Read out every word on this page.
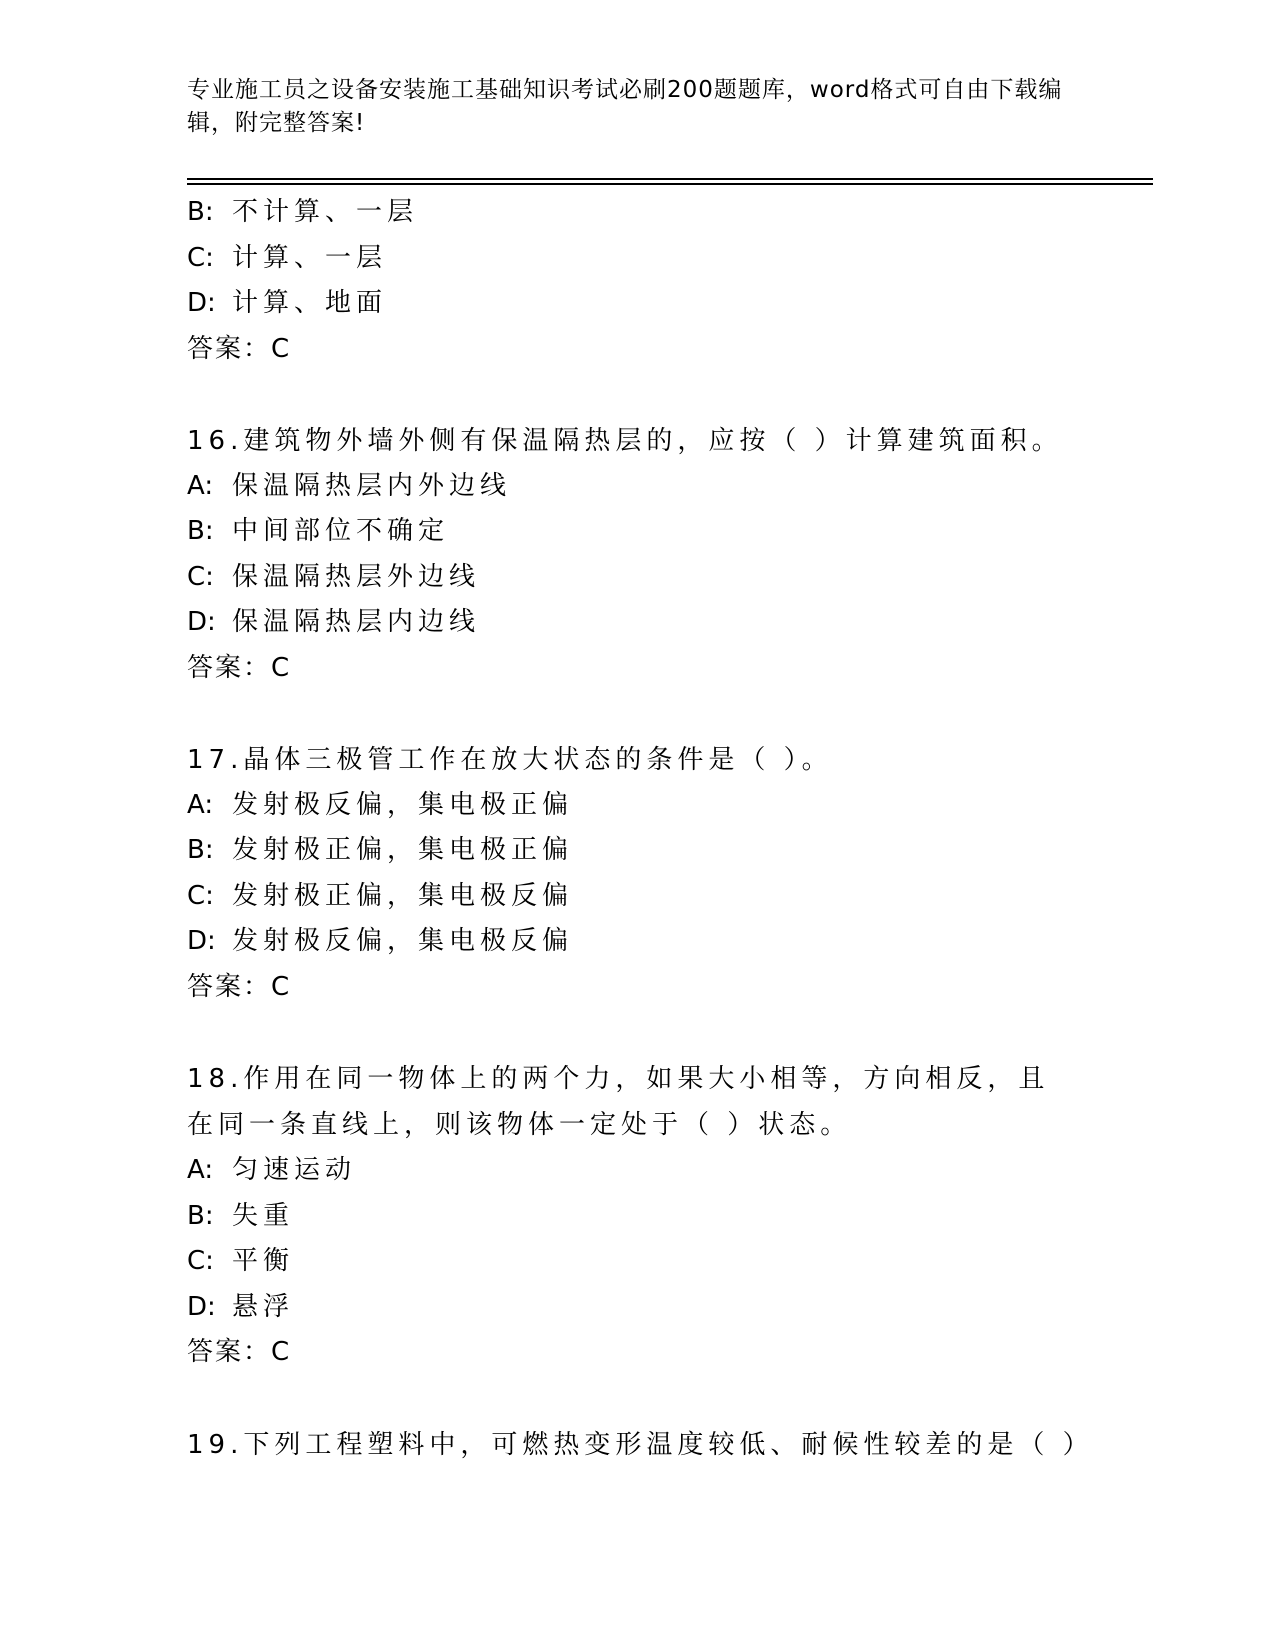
专业施工员之设备安装施工基础知识考试必刷200题题库，word格式可自由下载编辑，附完整答案!
B: 不计算、一层
C: 计算、一层
D: 计算、地面
答案：C
16.建筑物外墙外侧有保温隔热层的，应按（ ）计算建筑面积。
A: 保温隔热层内外边线
B: 中间部位不确定
C: 保温隔热层外边线
D: 保温隔热层内边线
答案：C
17.晶体三极管工作在放大状态的条件是（ ）。
A: 发射极反偏，集电极正偏
B: 发射极正偏，集电极正偏
C: 发射极正偏，集电极反偏
D: 发射极反偏，集电极反偏
答案：C
18.作用在同一物体上的两个力，如果大小相等，方向相反，且在同一条直线上，则该物体一定处于（ ）状态。
A: 匀速运动
B: 失重
C: 平衡
D: 悬浮
答案：C
19.下列工程塑料中，可燃热变形温度较低、耐候性较差的是（ ）
